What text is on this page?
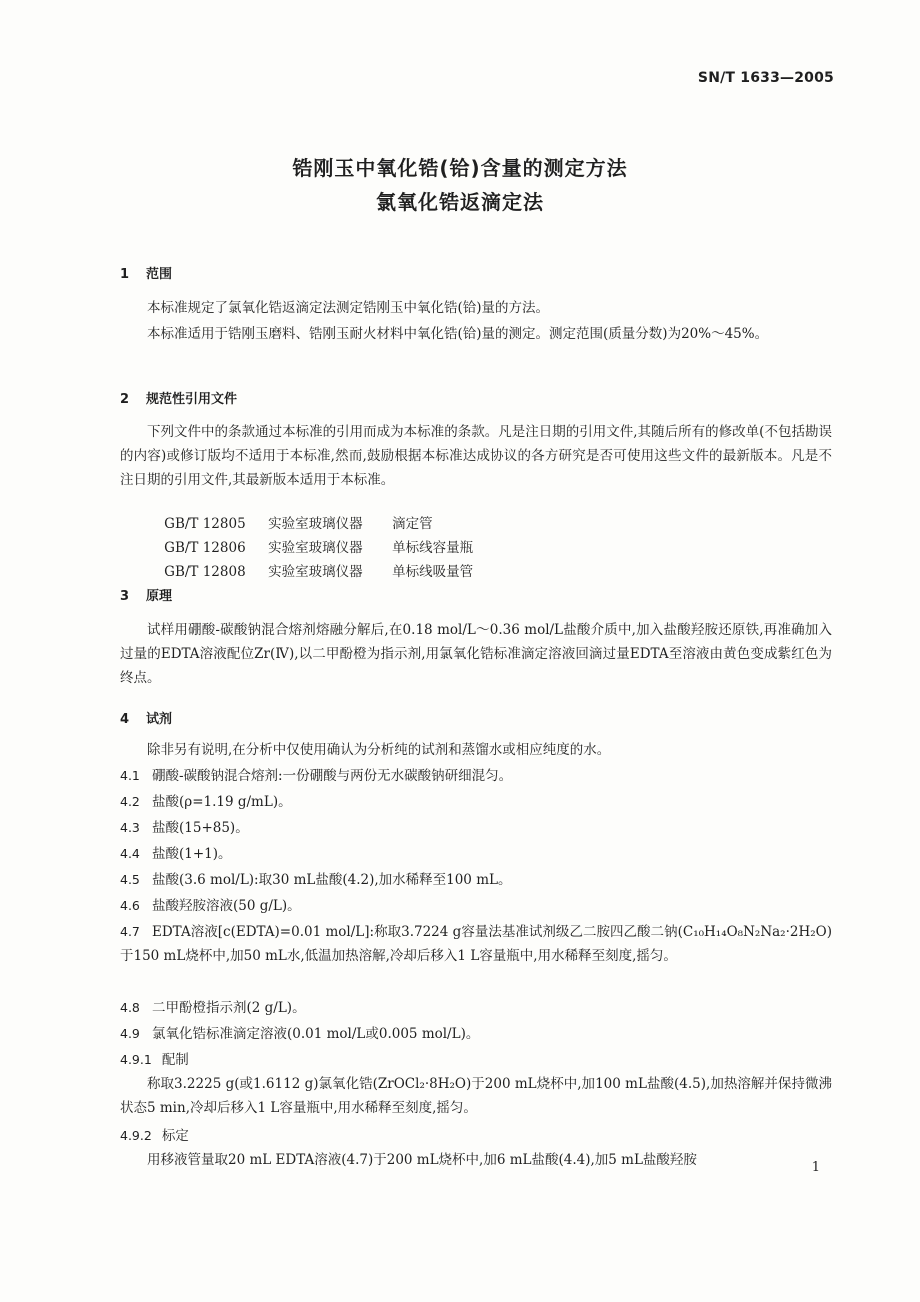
SN/T 1633—2005
锆刚玉中氧化锆(铪)含量的测定方法
氯氧化锆返滴定法
1 范围
本标准规定了氯氧化锆返滴定法测定锆刚玉中氧化锆(铪)量的方法。
本标准适用于锆刚玉磨料、锆刚玉耐火材料中氧化锆(铪)量的测定。测定范围(质量分数)为20%～45%。
2 规范性引用文件
下列文件中的条款通过本标准的引用而成为本标准的条款。凡是注日期的引用文件,其随后所有的修改单(不包括勘误的内容)或修订版均不适用于本标准,然而,鼓励根据本标准达成协议的各方研究是否可使用这些文件的最新版本。凡是不注日期的引用文件,其最新版本适用于本标准。

GB/T 12805 实验室玻璃仪器 滴定管

GB/T 12806 实验室玻璃仪器 单标线容量瓶

GB/T 12808 实验室玻璃仪器 单标线吸量管

3 原理
试样用硼酸-碳酸钠混合熔剂熔融分解后,在0.18 mol/L～0.36 mol/L盐酸介质中,加入盐酸羟胺还原铁,再准确加入过量的EDTA溶液配位Zr(Ⅳ),以二甲酚橙为指示剂,用氯氧化锆标准滴定溶液回滴过量EDTA至溶液由黄色变成紫红色为终点。
4 试剂
除非另有说明,在分析中仅使用确认为分析纯的试剂和蒸馏水或相应纯度的水。
4.1 硼酸-碳酸钠混合熔剂:一份硼酸与两份无水碳酸钠研细混匀。
4.2 盐酸(ρ=1.19 g/mL)。
4.3 盐酸(15+85)。
4.4 盐酸(1+1)。
4.5 盐酸(3.6 mol/L):取30 mL盐酸(4.2),加水稀释至100 mL。
4.6 盐酸羟胺溶液(50 g/L)。
4.7 EDTA溶液[c(EDTA)=0.01 mol/L]:称取3.7224 g容量法基准试剂级乙二胺四乙酸二钠(C₁₀H₁₄O₈N₂Na₂·2H₂O)于150 mL烧杯中,加50 mL水,低温加热溶解,冷却后移入1 L容量瓶中,用水稀释至刻度,摇匀。
4.8 二甲酚橙指示剂(2 g/L)。
4.9 氯氧化锆标准滴定溶液(0.01 mol/L或0.005 mol/L)。
4.9.1 配制
称取3.2225 g(或1.6112 g)氯氧化锆(ZrOCl₂·8H₂O)于200 mL烧杯中,加100 mL盐酸(4.5),加热溶解并保持微沸状态5 min,冷却后移入1 L容量瓶中,用水稀释至刻度,摇匀。
4.9.2 标定
用移液管量取20 mL EDTA溶液(4.7)于200 mL烧杯中,加6 mL盐酸(4.4),加5 mL盐酸羟胺	1
